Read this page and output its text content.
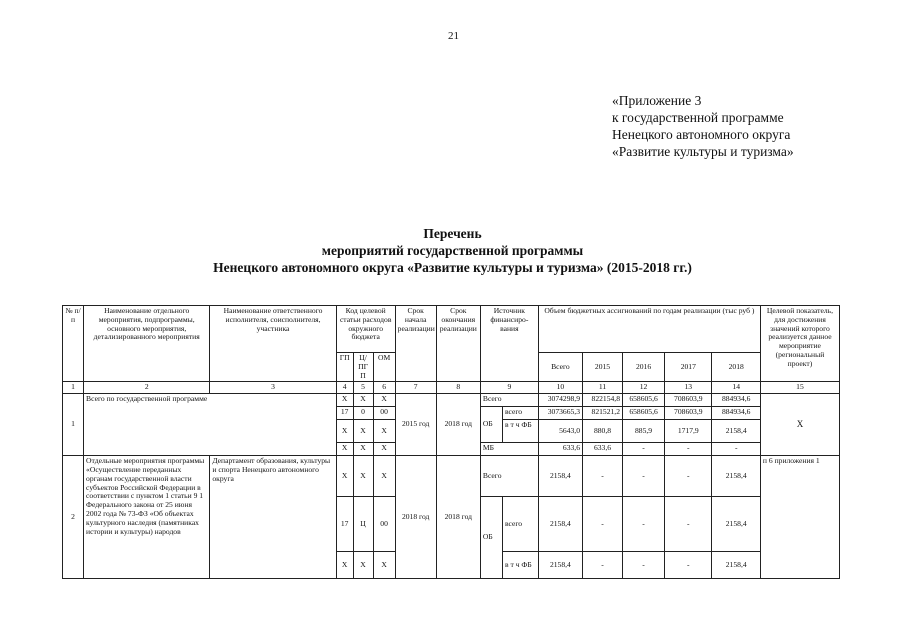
21
«Приложение 3
к государственной программе
Ненецкого автономного округа
«Развитие культуры и туризма»
Перечень
мероприятий государственной программы
Ненецкого автономного округа «Развитие культуры и туризма» (2015-2018 гг.)
№ п/п	Наименование отдельного мероприятия, подпрограммы, основного мероприятия, детализированного мероприятия	Наименование ответственного исполнителя, соисполнителя, участника	Код целевой статьи расходов окружного бюджета			Срок начала реализации	Срок окончания реализации	Источник финансиро-вания		Объем бюджетных ассигнований по годам реализации (тыс руб )					Целевой показатель, для достижения значений которого реализуется данное мероприятие (региональный проект)
			ГП	Ц/ПГ П	ОМ					Всего	2015	2016	2017	2018	
1	2	3	4	5	6	7	8	9		10	11	12	13	14	15
1	Всего по государственной программе		X	X	X	2015 год	2018 год	Всего		3074298,9	822154,8	658605,6	708603,9	884934,6	X
			17	0	00			ОБ	всего	3073665,3	821521,2	658605,6	708603,9	884934,6	
			X	X	X				в т ч ФБ	5643,0	880,8	885,9	1717,9	2158,4	
			X	X	X			МБ		633,6	633,6	-	-	-	
2	Отдельные мероприятия программы «Осуществление переданных органам государственной власти субъектов Российской Федерации в соответствии с пунктом 1 статьи 9 1 Федерального закона от 25 июня 2002 года № 73-ФЗ «Об объектах культурного наследия (памятниках истории и культуры) народов	Департамент образования, культуры и спорта Ненецкого автономного округа	X	X	X	2018 год	2018 год	Всего		2158,4	-	-	-	2158,4	п 6 приложения 1
			17	Ц	00			ОБ	всего	2158,4	-	-	-	2158,4	
			X	X	X				в т ч ФБ	2158,4	-	-	-	2158,4	
